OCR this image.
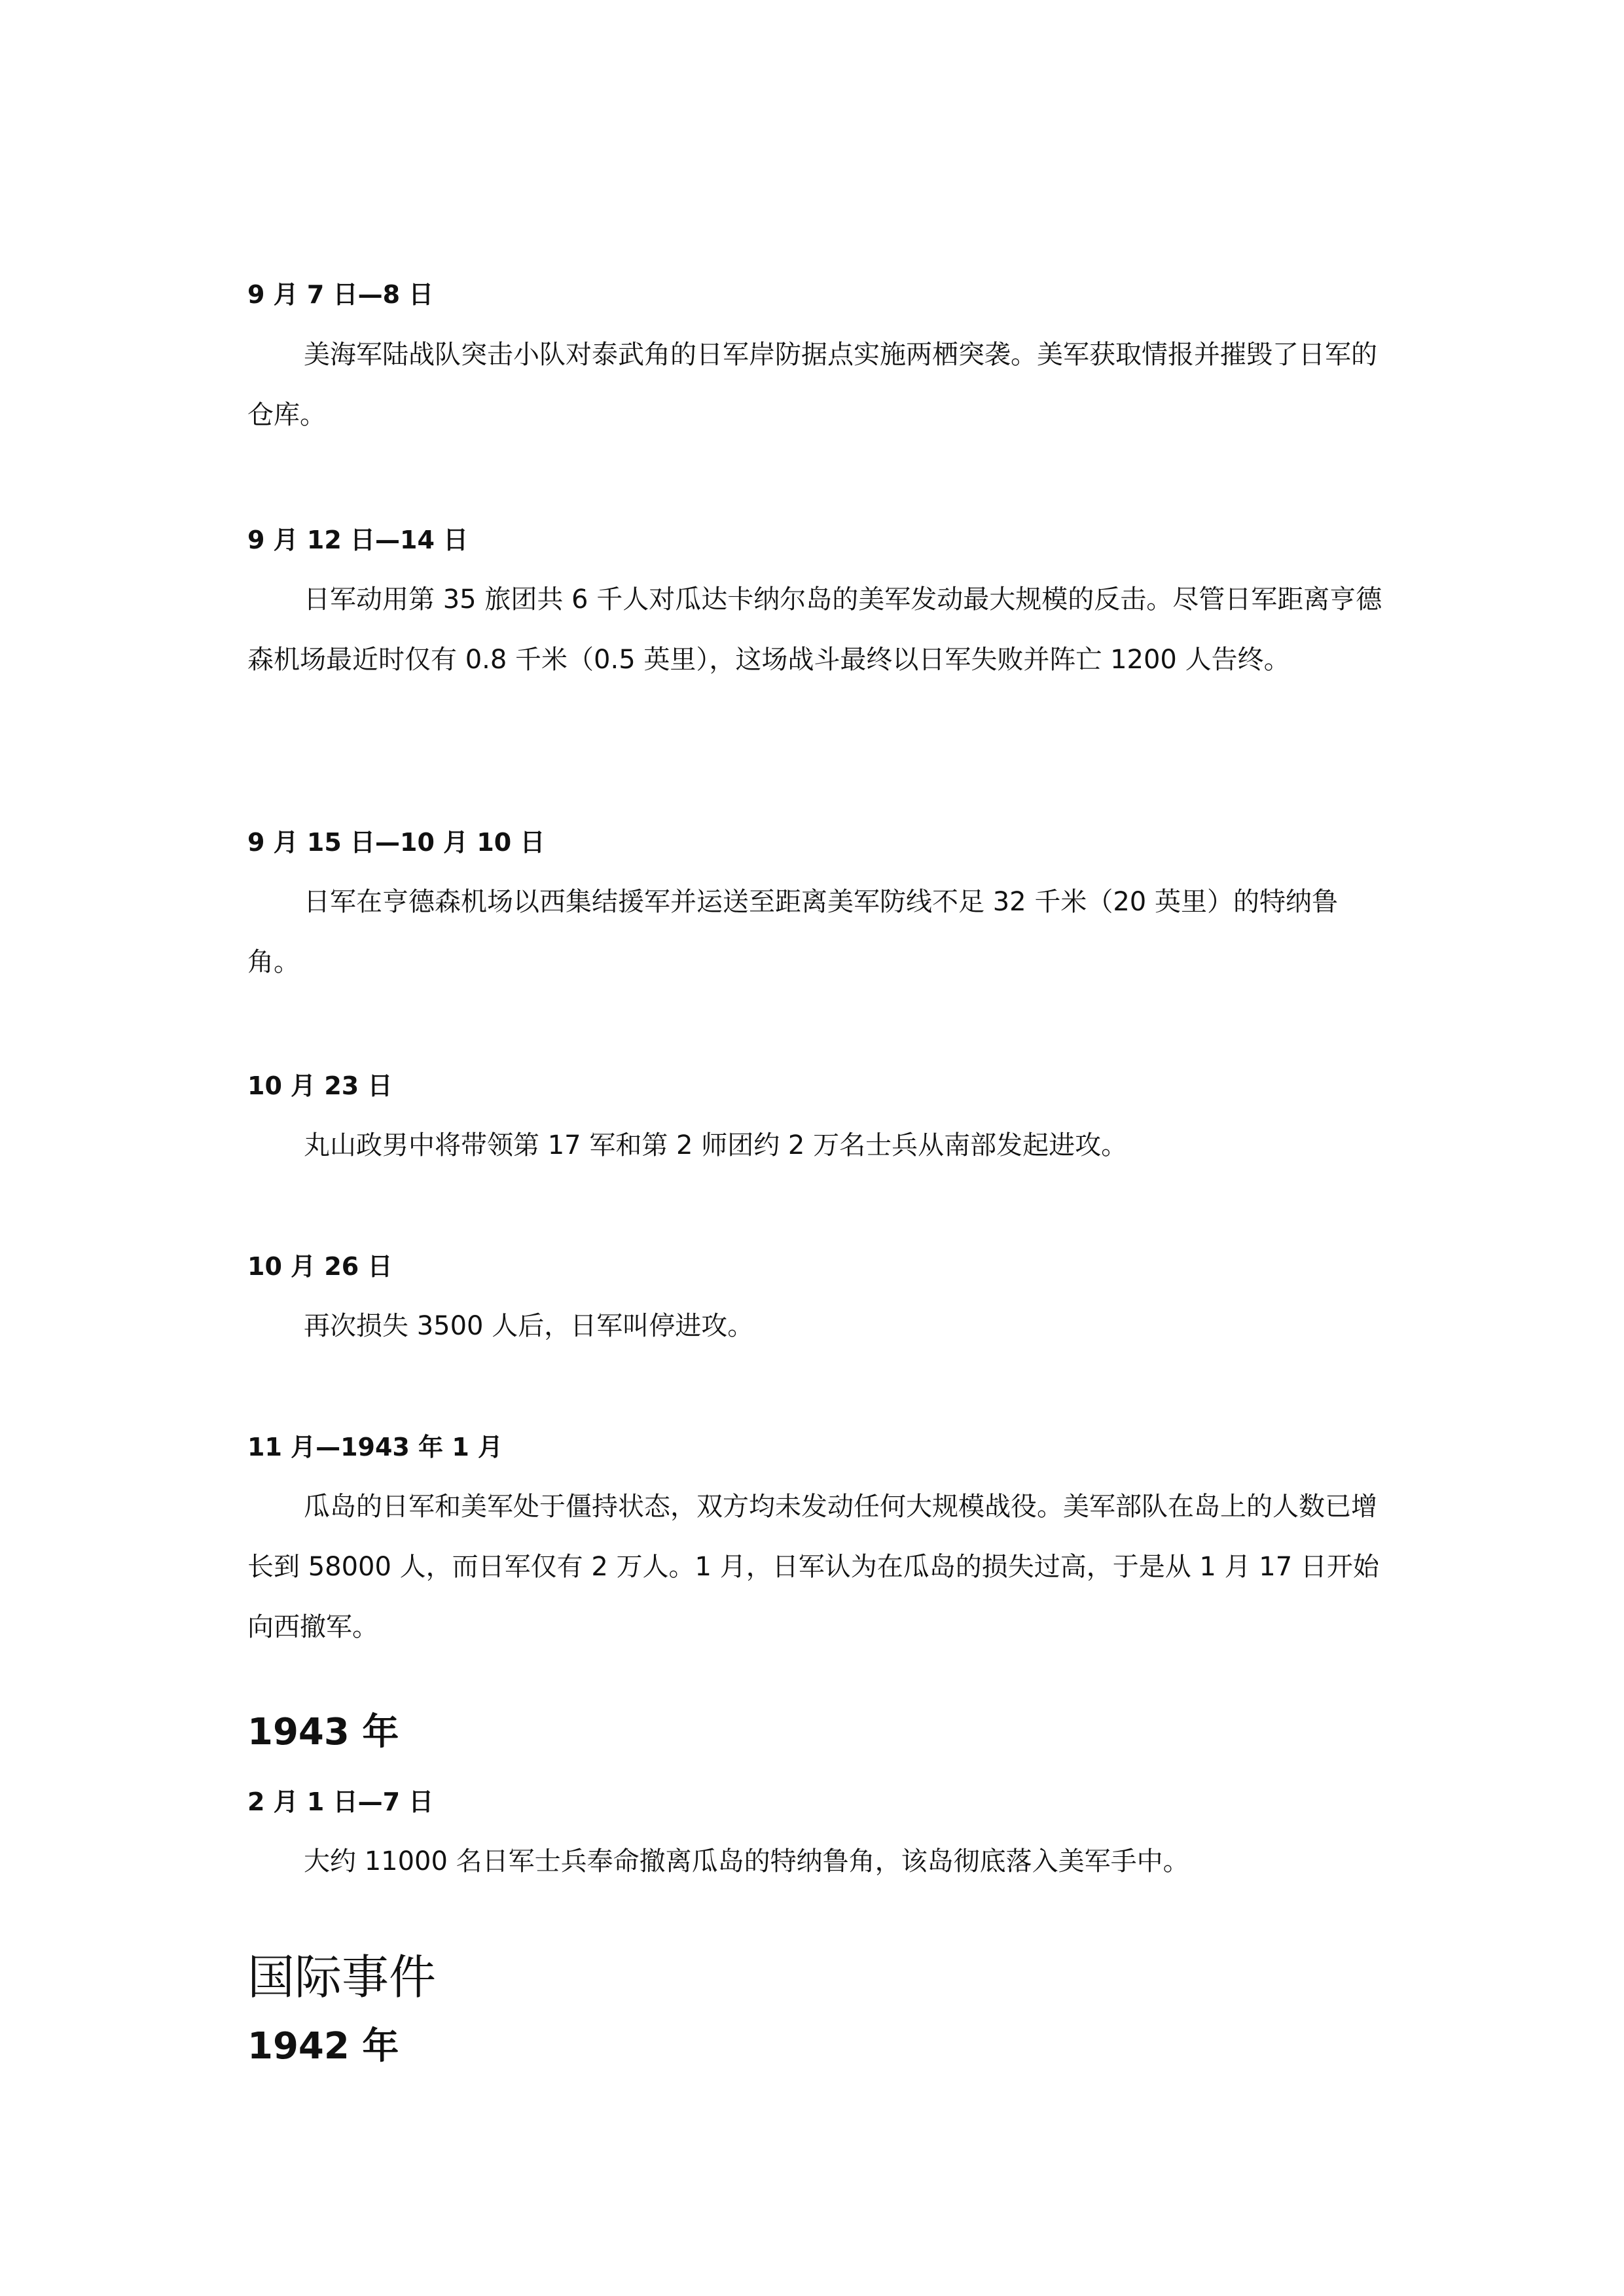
9 月 7 日—8 日

美海军陆战队突击小队对泰武角的日军岸防据点实施两栖突袭。美军获取情报并摧毁了日军的仓库。

9 月 12 日—14 日

日军动用第 35 旅团共 6 千人对瓜达卡纳尔岛的美军发动最大规模的反击。尽管日军距离亨德森机场最近时仅有 0.8 千米（0.5 英里），这场战斗最终以日军失败并阵亡 1200 人告终。

9 月 15 日—10 月 10 日

日军在亨德森机场以西集结援军并运送至距离美军防线不足 32 千米（20 英里）的特纳鲁角。

10 月 23 日

丸山政男中将带领第 17 军和第 2 师团约 2 万名士兵从南部发起进攻。

10 月 26 日

再次损失 3500 人后，日军叫停进攻。

11 月—1943 年 1 月

瓜岛的日军和美军处于僵持状态，双方均未发动任何大规模战役。美军部队在岛上的人数已增长到 58000 人，而日军仅有 2 万人。1 月，日军认为在瓜岛的损失过高，于是从 1 月 17 日开始向西撤军。

1943 年
2 月 1 日—7 日

大约 11000 名日军士兵奉命撤离瓜岛的特纳鲁角，该岛彻底落入美军手中。

国际事件
1942 年
